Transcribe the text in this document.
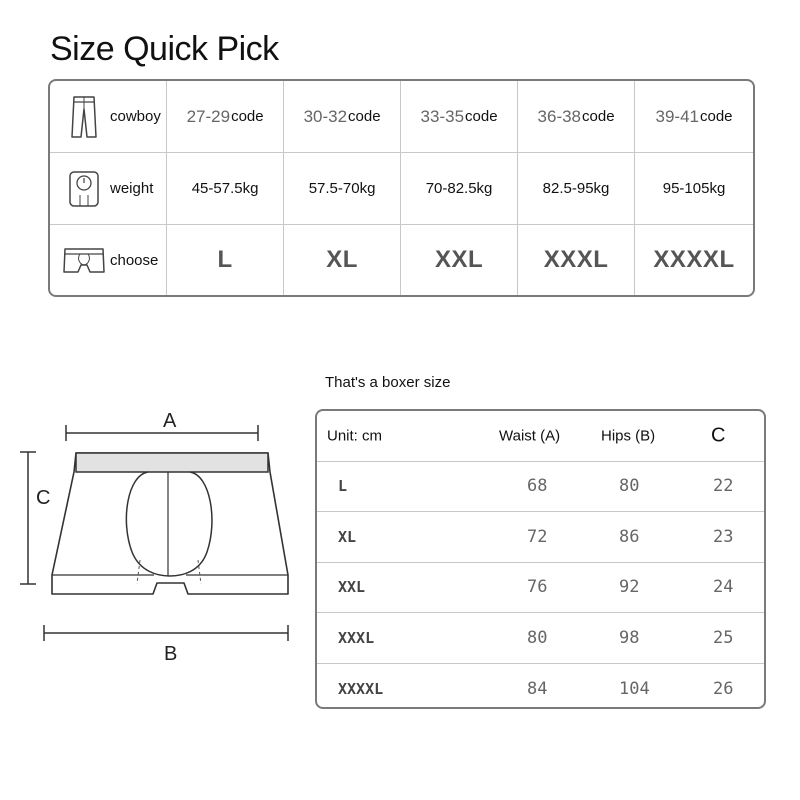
Size Quick Pick
cowboy 27-29 code 30-32 code 33-35 code 36-38 code 39-41 code
weight	45-57.5kg	57.5-70kg	70-82.5kg	82.5-95kg	95-105kg
choose L	XL	XXL	XXXL XXXXL
A
C
B
That's a boxer size
Unit: cm	Waist (A)	Hips (B)	C
L	68	80	22
XL	72	86	23
XXL	76	92	24
XXXL	80	98	25
XXXXL	84	104	26
